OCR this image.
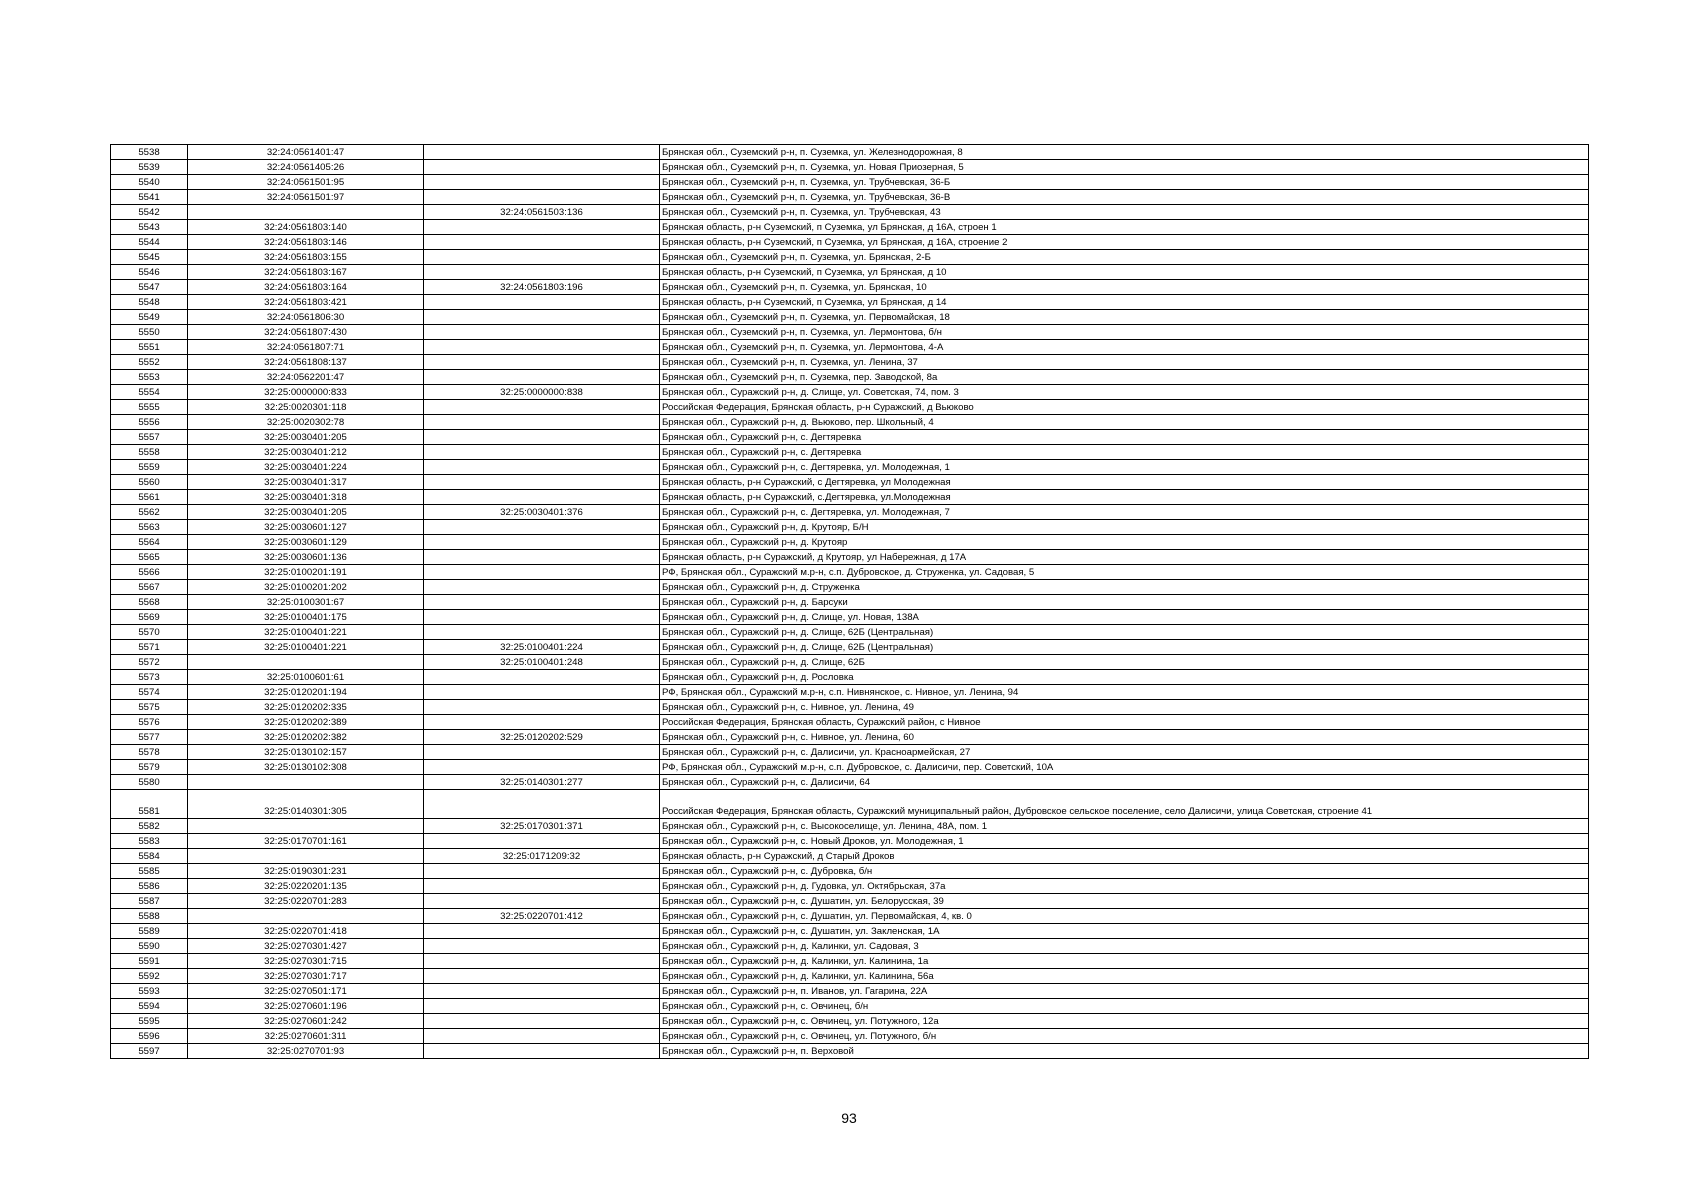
5538	32:24:0561401:47		Брянская обл., Суземский р-н, п. Суземка, ул. Железнодорожная, 8
5539	32:24:0561405:26		Брянская обл., Суземский р-н, п. Суземка, ул. Новая Приозерная, 5
5540	32:24:0561501:95		Брянская обл., Суземский р-н, п. Суземка, ул. Трубчевская, 36-Б
5541	32:24:0561501:97		Брянская обл., Суземский р-н, п. Суземка, ул. Трубчевская, 36-В
5542		32:24:0561503:136	Брянская обл., Суземский р-н, п. Суземка, ул. Трубчевская, 43
5543	32:24:0561803:140		Брянская область, р-н Суземский, п Суземка, ул Брянская, д 16А, строен 1
5544	32:24:0561803:146		Брянская область, р-н Суземский, п Суземка, ул Брянская, д 16А, строение 2
5545	32:24:0561803:155		Брянская обл., Суземский р-н, п. Суземка, ул. Брянская, 2-Б
5546	32:24:0561803:167		Брянская область, р-н Суземский, п Суземка, ул Брянская, д 10
5547	32:24:0561803:164	32:24:0561803:196	Брянская обл., Суземский р-н, п. Суземка, ул. Брянская, 10
5548	32:24:0561803:421		Брянская область, р-н Суземский, п Суземка, ул Брянская, д 14
5549	32:24:0561806:30		Брянская обл., Суземский р-н, п. Суземка, ул. Первомайская, 18
5550	32:24:0561807:430		Брянская обл., Суземский р-н, п. Суземка, ул. Лермонтова, б/н
5551	32:24:0561807:71		Брянская обл., Суземский р-н, п. Суземка, ул. Лермонтова, 4-А
5552	32:24:0561808:137		Брянская обл., Суземский р-н, п. Суземка, ул. Ленина, 37
5553	32:24:0562201:47		Брянская обл., Суземский р-н, п. Суземка, пер. Заводской, 8а
5554	32:25:0000000:833	32:25:0000000:838	Брянская обл., Суражский р-н, д. Слище, ул. Советская, 74, пом. 3
5555	32:25:0020301:118		Российская Федерация, Брянская область, р-н Суражский, д Вьюково
5556	32:25:0020302:78		Брянская обл., Суражский р-н, д. Вьюково, пер. Школьный, 4
5557	32:25:0030401:205		Брянская обл., Суражский р-н, с. Дегтяревка
5558	32:25:0030401:212		Брянская обл., Суражский р-н, с. Дегтяревка
5559	32:25:0030401:224		Брянская обл., Суражский р-н, с. Дегтяревка, ул. Молодежная, 1
5560	32:25:0030401:317		Брянская область, р-н Суражский, с Дегтяревка, ул Молодежная
5561	32:25:0030401:318		Брянская область, р-н Суражский, с.Дегтяревка, ул.Молодежная
5562	32:25:0030401:205	32:25:0030401:376	Брянская обл., Суражский р-н, с. Дегтяревка, ул. Молодежная, 7
5563	32:25:0030601:127		Брянская обл., Суражский р-н, д. Крутояр, Б/Н
5564	32:25:0030601:129		Брянская обл., Суражский р-н, д. Крутояр
5565	32:25:0030601:136		Брянская область, р-н Суражский, д Крутояр, ул Набережная, д 17А
5566	32:25:0100201:191		РФ, Брянская обл., Суражский м.р-н, с.п. Дубровское, д. Струженка, ул. Садовая, 5
5567	32:25:0100201:202		Брянская обл., Суражский р-н, д. Струженка
5568	32:25:0100301:67		Брянская обл., Суражский р-н, д. Барсуки
5569	32:25:0100401:175		Брянская обл., Суражский р-н, д. Слище, ул. Новая, 138А
5570	32:25:0100401:221		Брянская обл., Суражский р-н, д. Слище, 62Б (Центральная)
5571	32:25:0100401:221	32:25:0100401:224	Брянская обл., Суражский р-н, д. Слище, 62Б (Центральная)
5572		32:25:0100401:248	Брянская обл., Суражский р-н, д. Слище, 62Б
5573	32:25:0100601:61		Брянская обл., Суражский р-н, д. Рословка
5574	32:25:0120201:194		РФ, Брянская обл., Суражский м.р-н, с.п. Нивнянское, с. Нивное, ул. Ленина, 94
5575	32:25:0120202:335		Брянская обл., Суражский р-н, с. Нивное, ул. Ленина, 49
5576	32:25:0120202:389		Российская Федерация, Брянская область, Суражский район, с Нивное
5577	32:25:0120202:382	32:25:0120202:529	Брянская обл., Суражский р-н, с. Нивное, ул. Ленина, 60
5578	32:25:0130102:157		Брянская обл., Суражский р-н, с. Далисичи, ул. Красноармейская, 27
5579	32:25:0130102:308		РФ, Брянская обл., Суражский м.р-н, с.п. Дубровское, с. Далисичи, пер. Советский, 10А
5580		32:25:0140301:277	Брянская обл., Суражский р-н, с. Далисичи, 64
5581	32:25:0140301:305		Российская Федерация, Брянская область, Суражский муниципальный район, Дубровское сельское поселение, село Далисичи, улица Советская, строение 41
5582		32:25:0170301:371	Брянская обл., Суражский р-н, с. Высокоселище, ул. Ленина, 48А, пом. 1
5583	32:25:0170701:161		Брянская обл., Суражский р-н, с. Новый Дроков, ул. Молодежная, 1
5584		32:25:0171209:32	Брянская область, р-н Суражский, д Старый Дроков
5585	32:25:0190301:231		Брянская обл., Суражский р-н, с. Дубровка, б/н
5586	32:25:0220201:135		Брянская обл., Суражский р-н, д. Гудовка, ул. Октябрьская, 37а
5587	32:25:0220701:283		Брянская обл., Суражский р-н, с. Душатин, ул. Белорусская, 39
5588		32:25:0220701:412	Брянская обл., Суражский р-н, с. Душатин, ул. Первомайская, 4, кв. 0
5589	32:25:0220701:418		Брянская обл., Суражский р-н, с. Душатин, ул. Закленская, 1А
5590	32:25:0270301:427		Брянская обл., Суражский р-н, д. Калинки, ул. Садовая, 3
5591	32:25:0270301:715		Брянская обл., Суражский р-н, д. Калинки, ул. Калинина, 1а
5592	32:25:0270301:717		Брянская обл., Суражский р-н, д. Калинки, ул. Калинина, 56а
5593	32:25:0270501:171		Брянская обл., Суражский р-н, п. Иванов, ул. Гагарина, 22А
5594	32:25:0270601:196		Брянская обл., Суражский р-н, с. Овчинец, б/н
5595	32:25:0270601:242		Брянская обл., Суражский р-н, с. Овчинец, ул. Потужного, 12а
5596	32:25:0270601:311		Брянская обл., Суражский р-н, с. Овчинец, ул. Потужного, б/н
5597	32:25:0270701:93		Брянская обл., Суражский р-н, п. Верховой
93
